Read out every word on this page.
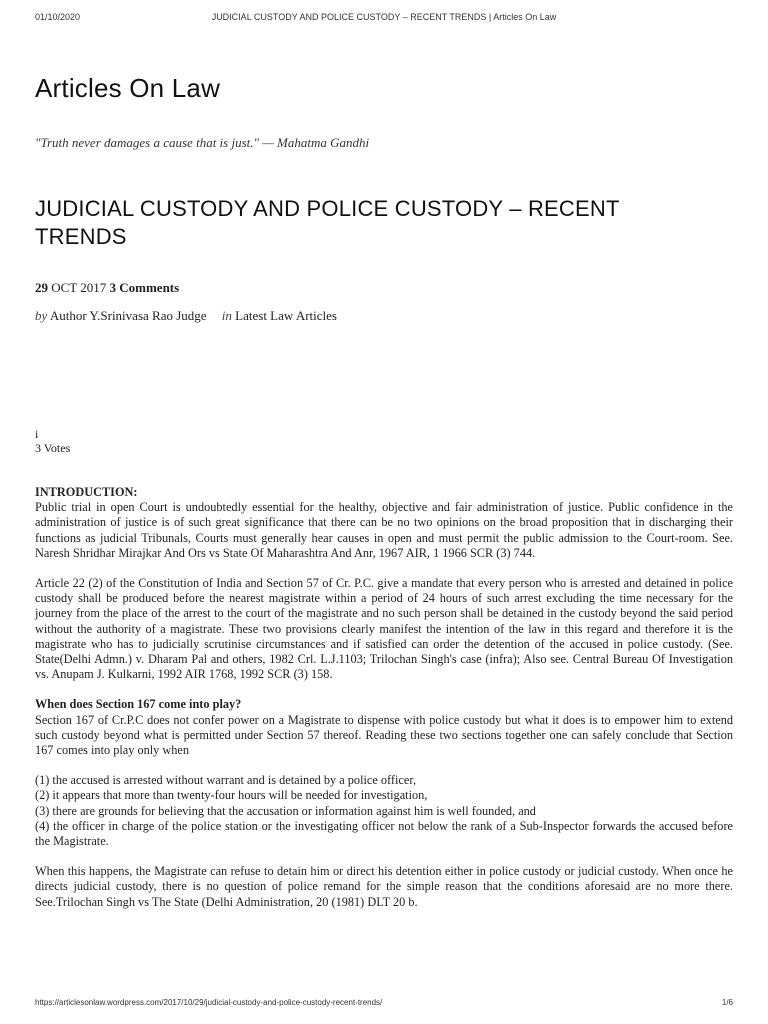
01/10/2020	JUDICIAL CUSTODY AND POLICE CUSTODY – RECENT TRENDS | Articles On Law
Articles On Law

"Truth never damages a cause that is just." — Mahatma Gandhi

JUDICIAL CUSTODY AND POLICE CUSTODY – RECENT TRENDS
29 OCT 2017 3 Comments
by Author Y.Srinivasa Rao Judge in Latest Law Articles
i
3 Votes
INTRODUCTION:

Public trial in open Court is undoubtedly essential for the healthy, objective and fair administration of justice. Public confidence in the administration of justice is of such great significance that there can be no two opinions on the broad proposition that in discharging their functions as judicial Tribunals, Courts must generally hear causes in open and must permit the public admission to the Court-room. See. Naresh Shridhar Mirajkar And Ors vs State Of Maharashtra And Anr, 1967 AIR, 1 1966 SCR (3) 744.

Article 22 (2) of the Constitution of India and Section 57 of Cr. P.C. give a mandate that every person who is arrested and detained in police custody shall be produced before the nearest magistrate within a period of 24 hours of such arrest excluding the time necessary for the journey from the place of the arrest to the court of the magistrate and no such person shall be detained in the custody beyond the said period without the authority of a magistrate. These two provisions clearly manifest the intention of the law in this regard and therefore it is the magistrate who has to judicially scrutinise circumstances and if satisfied can order the detention of the accused in police custody. (See. State(Delhi Admn.) v. Dharam Pal and others, 1982 Crl. L.J.1103; Trilochan Singh's case (infra); Also see. Central Bureau Of Investigation vs. Anupam J. Kulkarni, 1992 AIR 1768, 1992 SCR (3) 158.

When does Section 167 come into play?

Section 167 of Cr.P.C does not confer power on a Magistrate to dispense with police custody but what it does is to empower him to extend such custody beyond what is permitted under Section 57 thereof. Reading these two sections together one can safely conclude that Section 167 comes into play only when

(1) the accused is arrested without warrant and is detained by a police officer,
(2) it appears that more than twenty-four hours will be needed for investigation,
(3) there are grounds for believing that the accusation or information against him is well founded, and
(4) the officer in charge of the police station or the investigating officer not below the rank of a Sub-Inspector forwards the accused before the Magistrate.

When this happens, the Magistrate can refuse to detain him or direct his detention either in police custody or judicial custody. When once he directs judicial custody, there is no question of police remand for the simple reason that the conditions aforesaid are no more there. See.Trilochan Singh vs The State (Delhi Administration, 20 (1981) DLT 20 b.

https://articlesonlaw.wordpress.com/2017/10/29/judicial-custody-and-police-custody-recent-trends/	1/6
